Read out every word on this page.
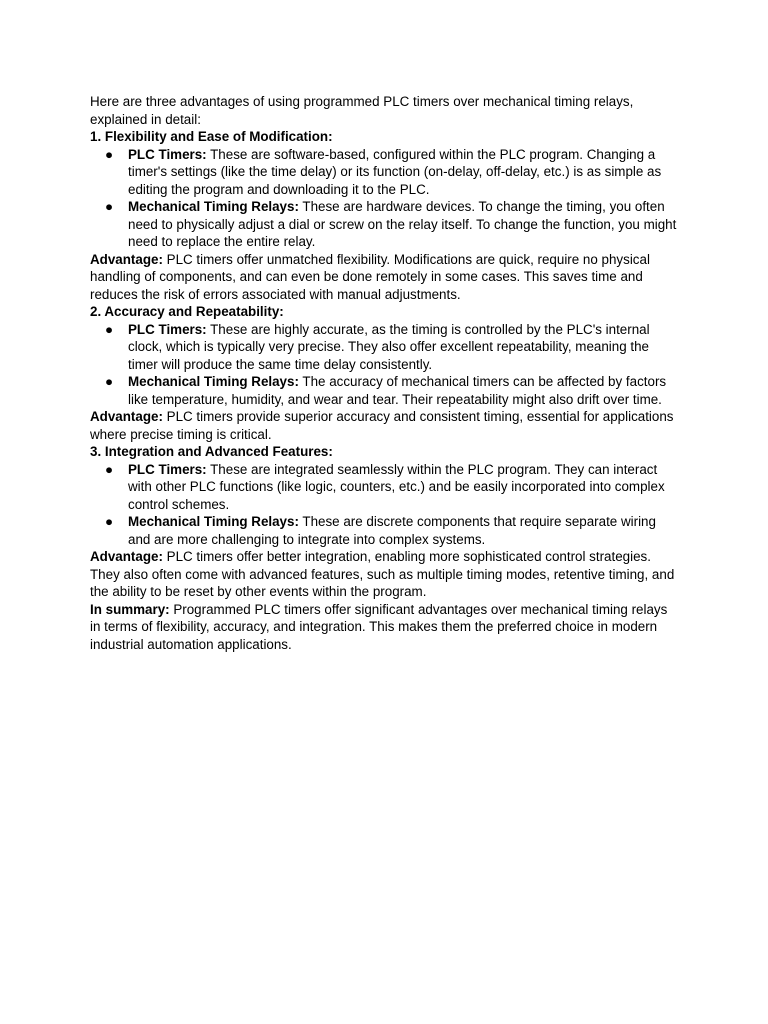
Here are three advantages of using programmed PLC timers over mechanical timing relays, explained in detail:

1. Flexibility and Ease of Modification:

● PLC Timers: These are software-based, configured within the PLC program. Changing a timer's settings (like the time delay) or its function (on-delay, off-delay, etc.) is as simple as editing the program and downloading it to the PLC.
● Mechanical Timing Relays: These are hardware devices. To change the timing, you often need to physically adjust a dial or screw on the relay itself. To change the function, you might need to replace the entire relay.

Advantage: PLC timers offer unmatched flexibility. Modifications are quick, require no physical handling of components, and can even be done remotely in some cases. This saves time and reduces the risk of errors associated with manual adjustments.

2. Accuracy and Repeatability:

● PLC Timers: These are highly accurate, as the timing is controlled by the PLC's internal clock, which is typically very precise. They also offer excellent repeatability, meaning the timer will produce the same time delay consistently.
● Mechanical Timing Relays: The accuracy of mechanical timers can be affected by factors like temperature, humidity, and wear and tear. Their repeatability might also drift over time.

Advantage: PLC timers provide superior accuracy and consistent timing, essential for applications where precise timing is critical.

3. Integration and Advanced Features:

● PLC Timers: These are integrated seamlessly within the PLC program. They can interact with other PLC functions (like logic, counters, etc.) and be easily incorporated into complex control schemes.
● Mechanical Timing Relays: These are discrete components that require separate wiring and are more challenging to integrate into complex systems.

Advantage: PLC timers offer better integration, enabling more sophisticated control strategies. They also often come with advanced features, such as multiple timing modes, retentive timing, and the ability to be reset by other events within the program.

In summary: Programmed PLC timers offer significant advantages over mechanical timing relays in terms of flexibility, accuracy, and integration. This makes them the preferred choice in modern industrial automation applications.
